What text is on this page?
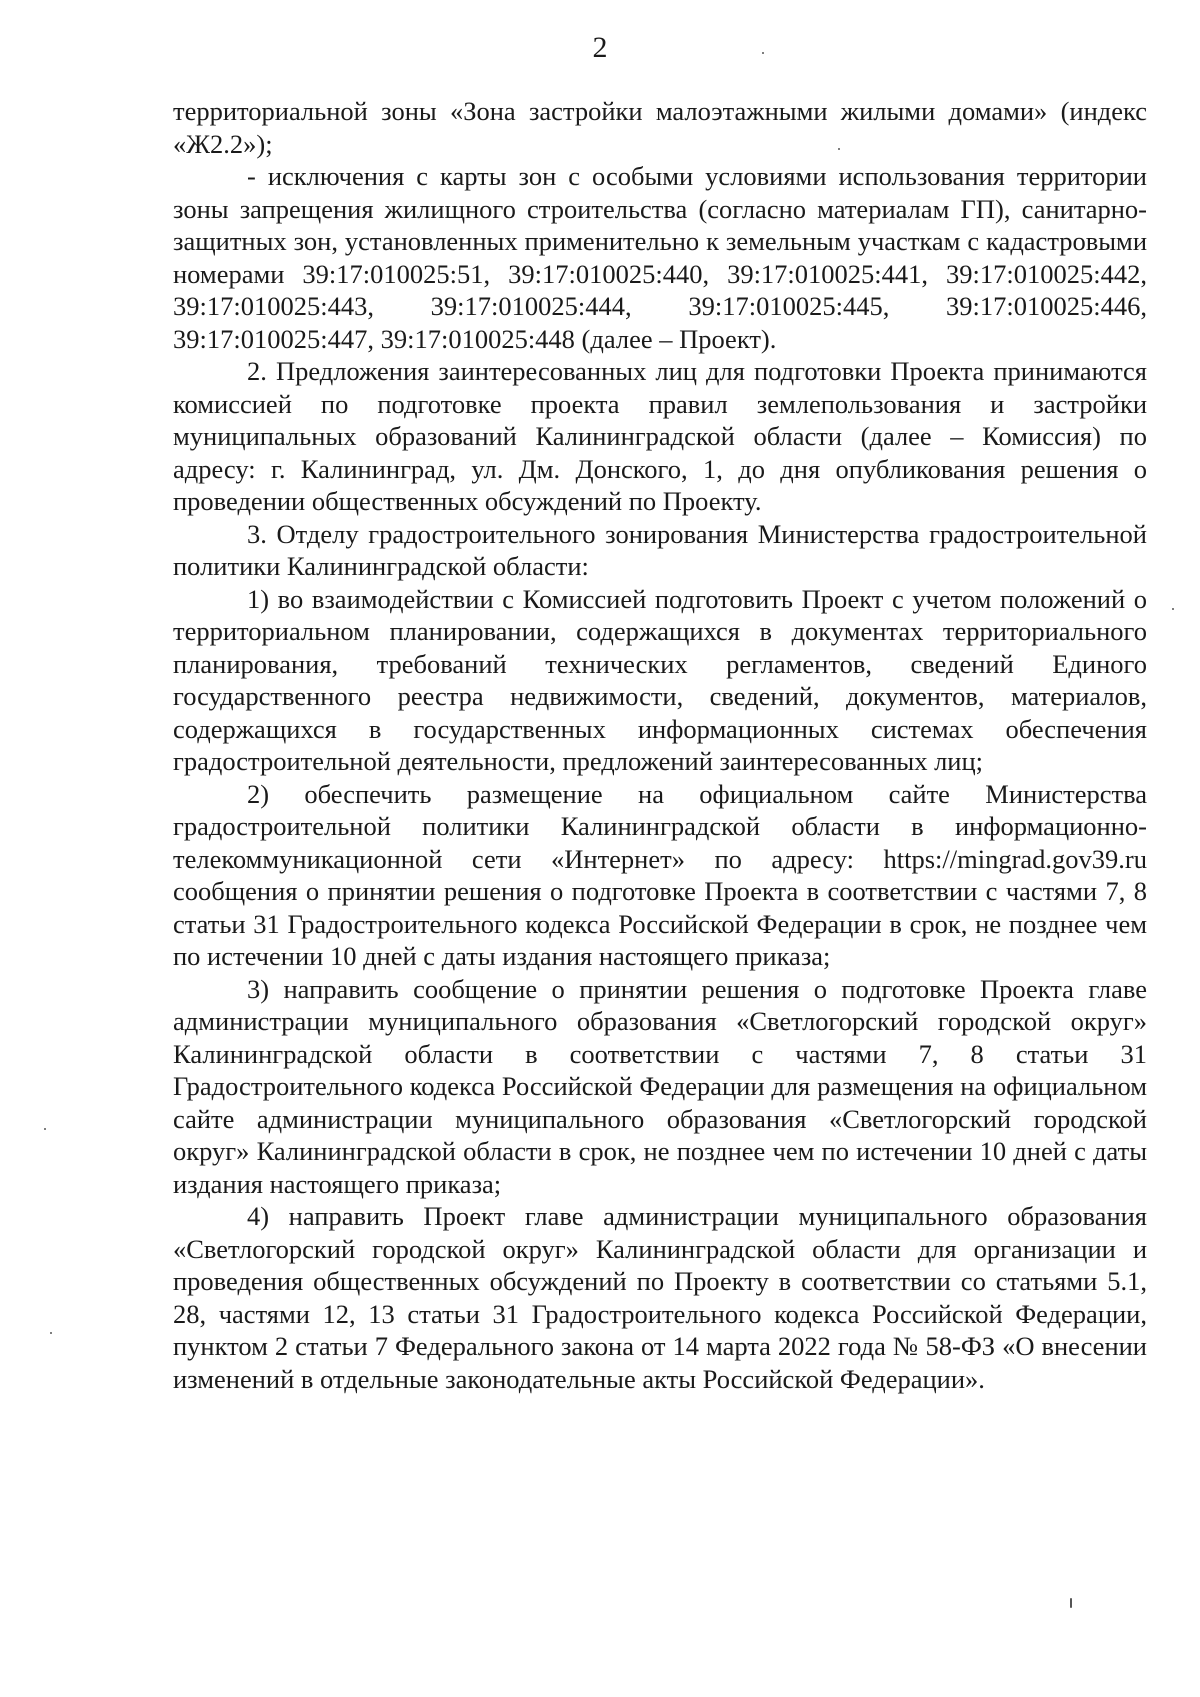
2

территориальной зоны «Зона застройки малоэтажными жилыми домами» (индекс «Ж2.2»);

- исключения с карты зон с особыми условиями использования территории зоны запрещения жилищного строительства (согласно материалам ГП), санитарно-защитных зон, установленных применительно к земельным участкам с кадастровыми номерами 39:17:010025:51, 39:17:010025:440, 39:17:010025:441, 39:17:010025:442, 39:17:010025:443, 39:17:010025:444, 39:17:010025:445, 39:17:010025:446, 39:17:010025:447, 39:17:010025:448 (далее – Проект).

2. Предложения заинтересованных лиц для подготовки Проекта принимаются комиссией по подготовке проекта правил землепользования и застройки муниципальных образований Калининградской области (далее – Комиссия) по адресу: г. Калининград, ул. Дм. Донского, 1, до дня опубликования решения о проведении общественных обсуждений по Проекту.

3. Отделу градостроительного зонирования Министерства градостроительной политики Калининградской области:

1) во взаимодействии с Комиссией подготовить Проект с учетом положений о территориальном планировании, содержащихся в документах территориального планирования, требований технических регламентов, сведений Единого государственного реестра недвижимости, сведений, документов, материалов, содержащихся в государственных информационных системах обеспечения градостроительной деятельности, предложений заинтересованных лиц;

2) обеспечить размещение на официальном сайте Министерства градостроительной политики Калининградской области в информационно-телекоммуникационной сети «Интернет» по адресу: https://mingrad.gov39.ru сообщения о принятии решения о подготовке Проекта в соответствии с частями 7, 8 статьи 31 Градостроительного кодекса Российской Федерации в срок, не позднее чем по истечении 10 дней с даты издания настоящего приказа;

3) направить сообщение о принятии решения о подготовке Проекта главе администрации муниципального образования «Светлогорский городской округ» Калининградской области в соответствии с частями 7, 8 статьи 31 Градостроительного кодекса Российской Федерации для размещения на официальном сайте администрации муниципального образования «Светлогорский городской округ» Калининградской области в срок, не позднее чем по истечении 10 дней с даты издания настоящего приказа;

4) направить Проект главе администрации муниципального образования «Светлогорский городской округ» Калининградской области для организации и проведения общественных обсуждений по Проекту в соответствии со статьями 5.1, 28, частями 12, 13 статьи 31 Градостроительного кодекса Российской Федерации, пунктом 2 статьи 7 Федерального закона от 14 марта 2022 года № 58-ФЗ «О внесении изменений в отдельные законодательные акты Российской Федерации».
